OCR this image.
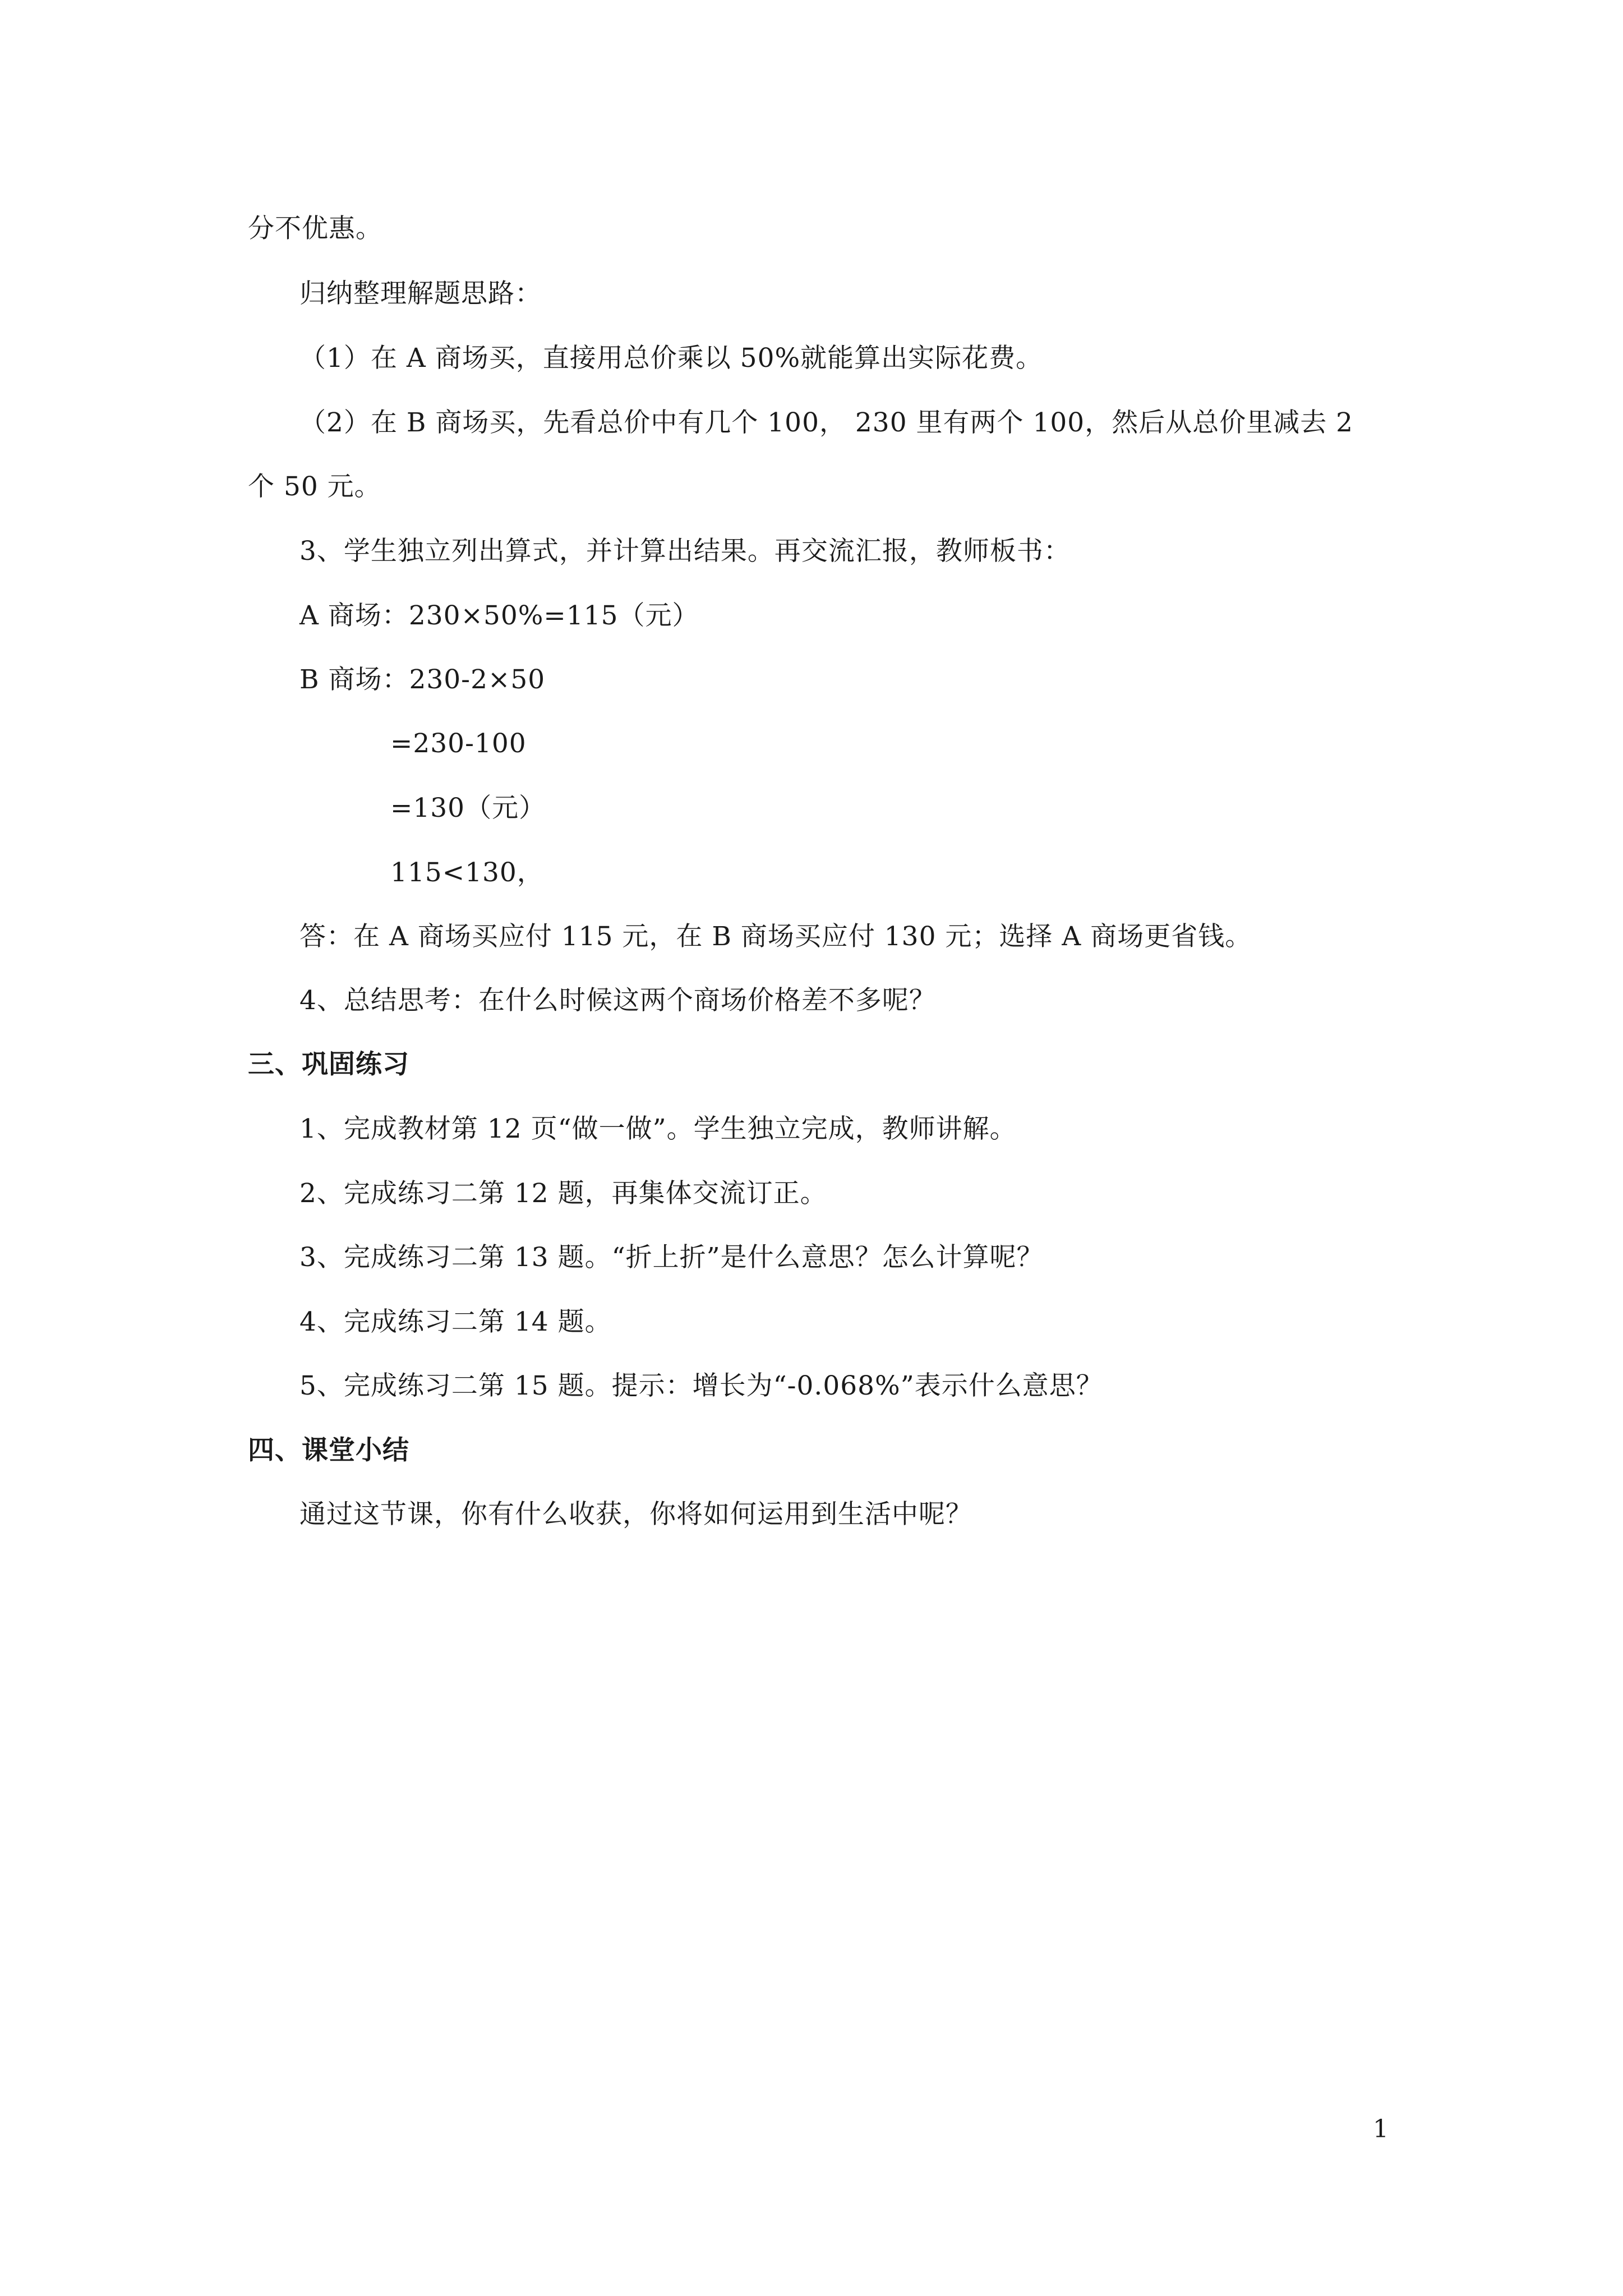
分不优惠。
归纳整理解题思路：
（1）在 A 商场买，直接用总价乘以 50%就能算出实际花费。
（2）在 B 商场买，先看总价中有几个 100， 230 里有两个 100，然后从总价里减去 2
个 50 元。
3、学生独立列出算式，并计算出结果。再交流汇报，教师板书：
A 商场：230×50%=115（元）
B 商场：230-2×50
=230-100
=130（元）
115<130，
答：在 A 商场买应付 115 元，在 B 商场买应付 130 元；选择 A 商场更省钱。
4、总结思考：在什么时候这两个商场价格差不多呢？
三、巩固练习
1、完成教材第 12 页“做一做”。学生独立完成，教师讲解。
2、完成练习二第 12 题，再集体交流订正。
3、完成练习二第 13 题。“折上折”是什么意思？怎么计算呢？
4、完成练习二第 14 题。
5、完成练习二第 15 题。提示：增长为“-0.068%”表示什么意思？
四、课堂小结
通过这节课，你有什么收获，你将如何运用到生活中呢？
1
